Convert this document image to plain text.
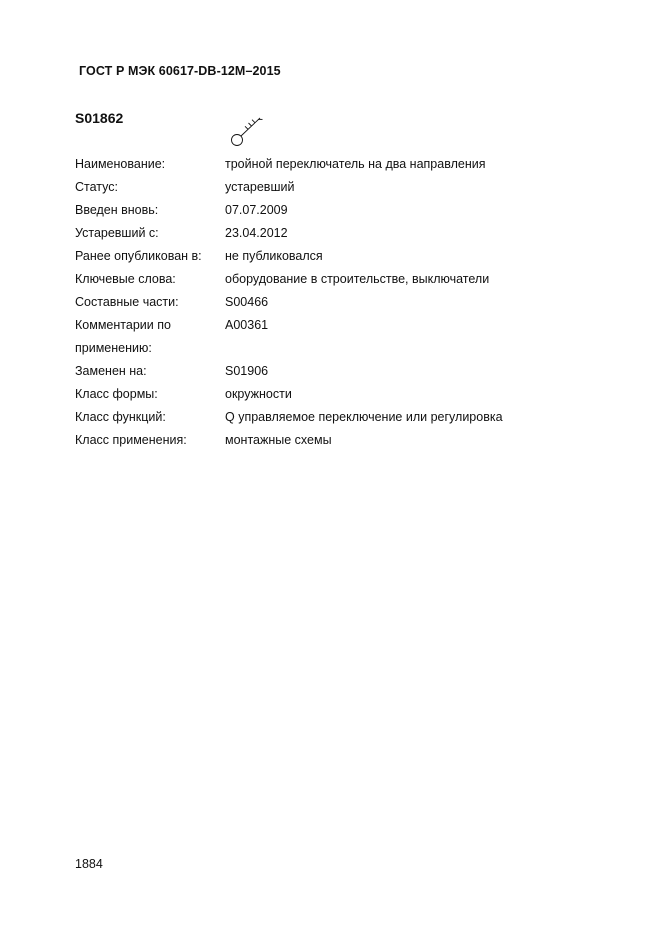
ГОСТ Р МЭК 60617-DB-12M–2015
S01862
Наименование:	тройной переключатель на два направления
Статус:	устаревший
Введен вновь:	07.07.2009
Устаревший с:	23.04.2012
Ранее опубликован в:	не публиковался
Ключевые слова:	оборудование в строительстве, выключатели
Составные части:	S00466
Комментарии по	A00361
применению:
Заменен на:	S01906
Класс формы:	окружности
Класс функций:	Q управляемое переключение или регулировка
Класс применения:	монтажные схемы
1884
